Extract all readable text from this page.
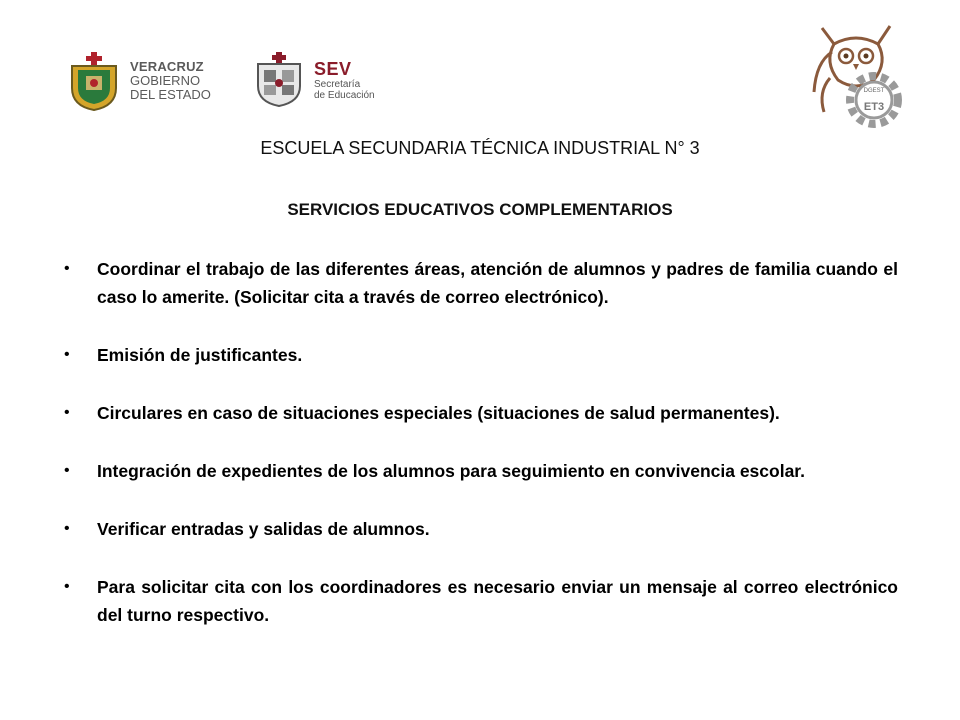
VERACRUZ
GOBIERNO
DEL ESTADO
SEV
Secretaría
de Educación	DGEST
ET3
ESCUELA SECUNDARIA TÉCNICA INDUSTRIAL N° 3
SERVICIOS EDUCATIVOS COMPLEMENTARIOS
• Coordinar el trabajo de las diferentes áreas, atención de alumnos y padres de familia cuando el caso lo amerite. (Solicitar cita a través de correo electrónico).
• Emisión de justificantes.
• Circulares en caso de situaciones especiales (situaciones de salud permanentes).
• Integración de expedientes de los alumnos para seguimiento en convivencia escolar.
• Verificar entradas y salidas de alumnos.
• Para solicitar cita con los coordinadores es necesario enviar un mensaje al correo electrónico del turno respectivo.
